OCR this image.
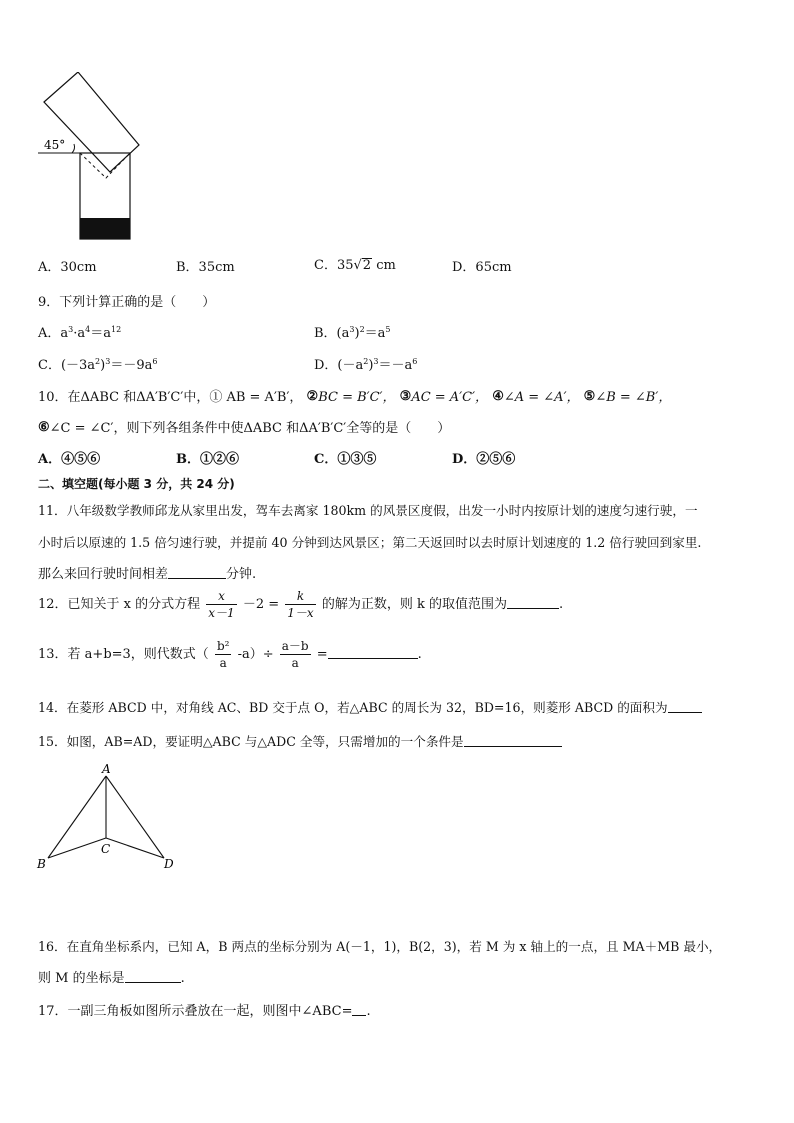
45°
A．30cm	B．35cm	C．35√2 cm	D．65cm
9．下列计算正确的是（　　）
A．$a^3\cdot a^4=a^{12}$	B．$(a^3)^2=a^5$
C．$(-3a^2)^3=-9a^6$	D．$(-a^2)^3=-a^6$
10．在ΔABC 和ΔA′B′C′中，① AB = A′B′， ②BC = B′C′， ③AC = A′C′， ④∠A = ∠A′， ⑤∠B = ∠B′，
⑥∠C = ∠C′，则下列各组条件中使ΔABC 和ΔA′B′C′全等的是（　　）
A．④⑤⑥	B．①②⑥	C．①③⑤	D．②⑤⑥
二、填空题(每小题 3 分，共 24 分)
11．八年级数学教师邱龙从家里出发，驾车去离家 180km 的风景区度假，出发一小时内按原计划的速度匀速行驶，一
小时后以原速的 1.5 倍匀速行驶，并提前 40 分钟到达风景区；第二天返回时以去时原计划速度的 1.2 倍行驶回到家里.
那么来回行驶时间相差	分钟.
12．已知关于 x 的分式方程 $\frac{x}{x-1} -2 = \frac{k}{1-x}$ 的解为正数，则 k 的取值范围为	.
13．若 a+b=3，则代数式（ $\frac{\text{b²}}{a} -a)\div \frac{a-b}{a}$ =	.
14．在菱形 ABCD 中，对角线 AC、BD 交于点 O，若△ABC 的周长为 32，BD=16，则菱形 ABCD 的面积为
15．如图，AB=AD，要证明△ABC 与△ADC 全等，只需增加的一个条件是
A
B
C
D
16．在直角坐标系内，已知 A，B 两点的坐标分别为 A(－1，1)，B(2，3)，若 M 为 x 轴上的一点，且 MA＋MB 最小，
则 M 的坐标是	.
17．一副三角板如图所示叠放在一起，则图中∠ABC= .
